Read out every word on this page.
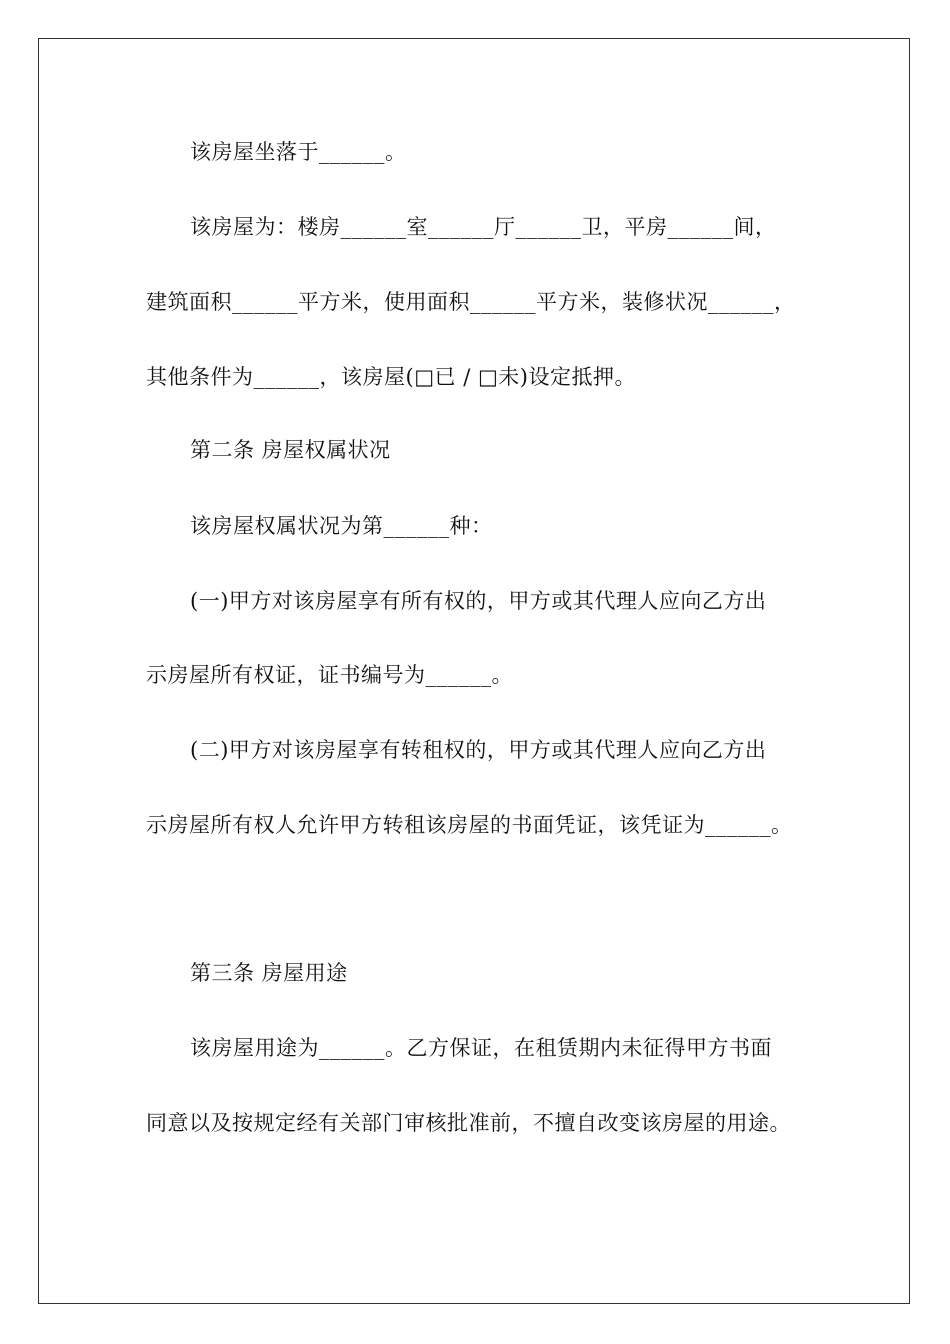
该房屋坐落于______。
该房屋为：楼房______室______厅______卫，平房______间，
建筑面积______平方米，使用面积______平方米，装修状况______，
其他条件为______，该房屋(□已 / □未)设定抵押。
第二条 房屋权属状况
该房屋权属状况为第______种：
(一)甲方对该房屋享有所有权的，甲方或其代理人应向乙方出
示房屋所有权证，证书编号为______。
(二)甲方对该房屋享有转租权的，甲方或其代理人应向乙方出
示房屋所有权人允许甲方转租该房屋的书面凭证，该凭证为______。
第三条 房屋用途
该房屋用途为______。乙方保证，在租赁期内未征得甲方书面
同意以及按规定经有关部门审核批准前，不擅自改变该房屋的用途。
